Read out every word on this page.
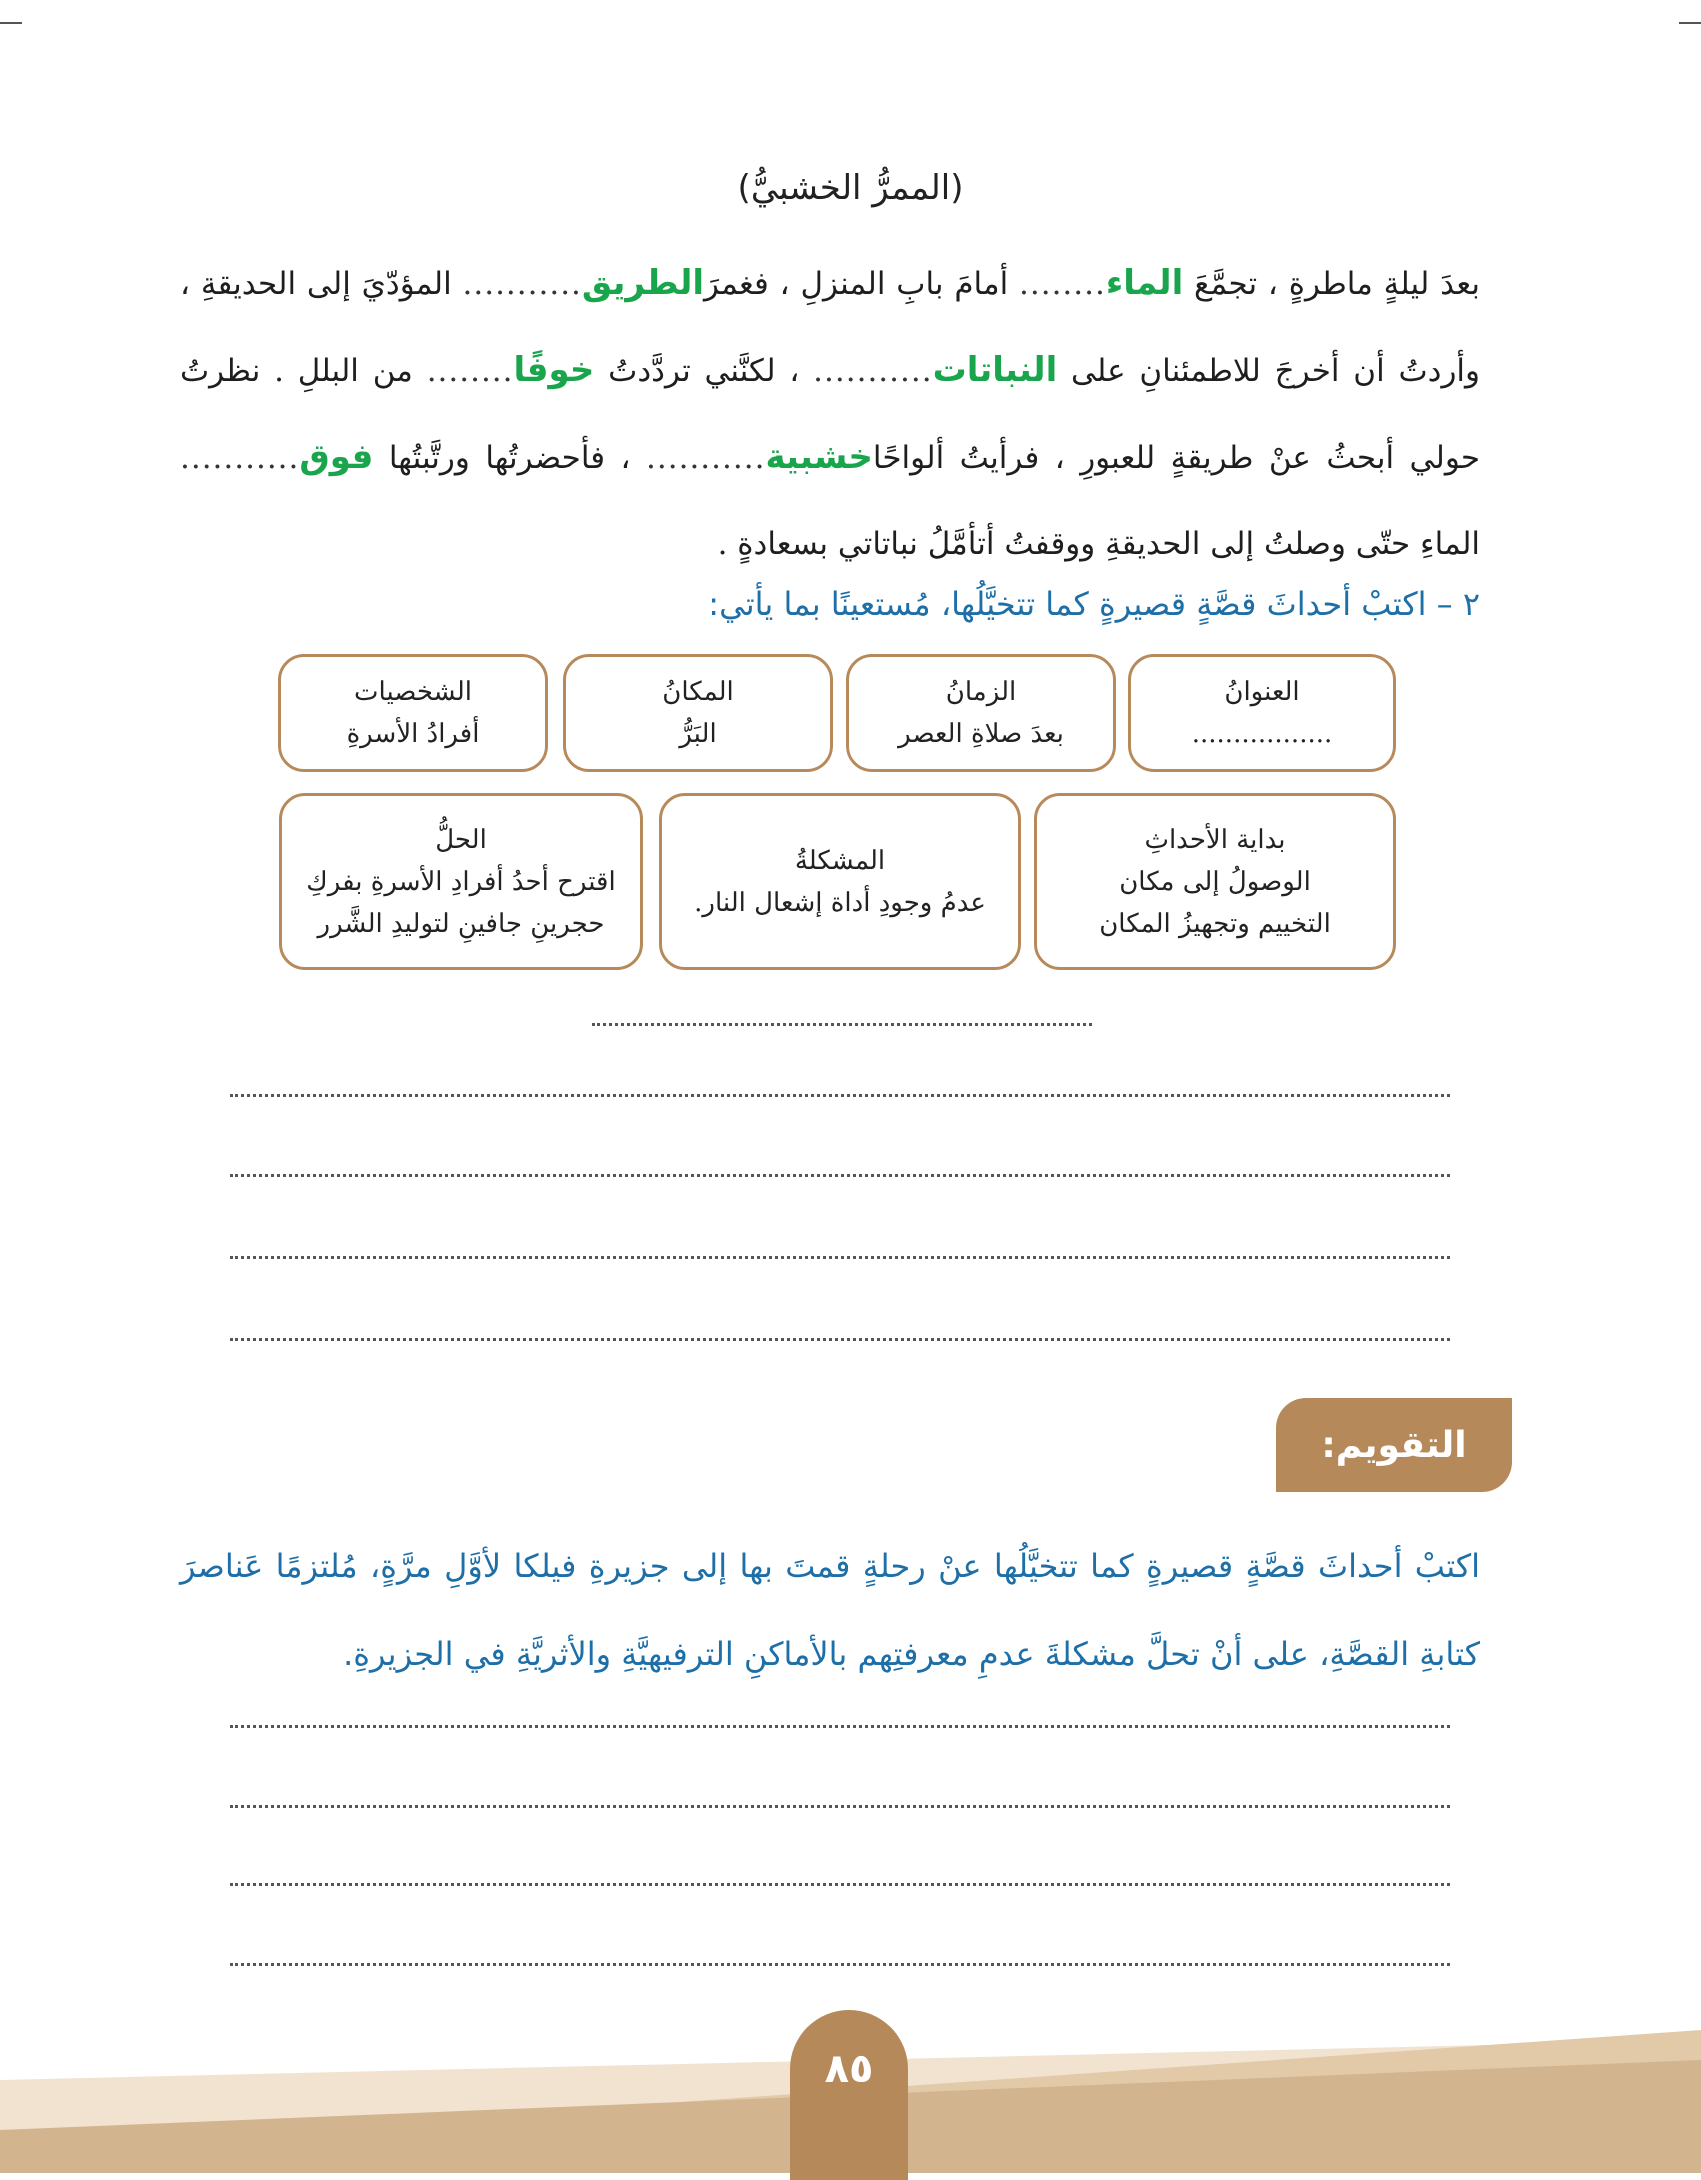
(الممرُّ الخشبيُّ)
بعدَ ليلةٍ ماطرةٍ ، تجمَّعَ الماء........ أمامَ بابِ المنزلِ ، فغمرَالطريق........... المؤدّيَ إلى الحديقةِ ، وأردتُ أن أخرجَ للاطمئنانِ على النباتات........... ، لكنَّني تردَّدتُ خوفًا........ من البللِ . نظرتُ حولي أبحثُ عنْ طريقةٍ للعبورِ ، فرأيتُ ألواحًاخشبية........... ، فأحضرتُها ورتَّبتُها فوق........... الماءِ حتّى وصلتُ إلى الحديقةِ ووقفتُ أتأمَّلُ نباتاتي بسعادةٍ .
٢ – اكتبْ أحداثَ قصَّةٍ قصيرةٍ كما تتخيَّلُها، مُستعينًا بما يأتي:
العنوانُ
.................
الزمانُ
بعدَ صلاةِ العصر
المكانُ
البَرُّ
الشخصيات
أفرادُ الأسرةِ
بداية الأحداثِ
الوصولُ إلى مكان
التخييم وتجهيزُ المكان
المشكلةُ
عدمُ وجودِ أداة إشعال النار.
الحلُّ
اقترح أحدُ أفرادِ الأسرةِ بفركِ
حجرينِ جافينِ لتوليدِ الشَّرر
التقويم:
اكتبْ أحداثَ قصَّةٍ قصيرةٍ كما تتخيَّلُها عنْ رحلةٍ قمتَ بها إلى جزيرةِ فيلكا لأوَّلِ مرَّةٍ، مُلتزمًا عَناصرَ كتابةِ القصَّةِ، على أنْ تحلَّ مشكلةَ عدمِ معرفتِهم بالأماكنِ الترفيهيَّةِ والأثريَّةِ في الجزيرةِ.
٨٥
